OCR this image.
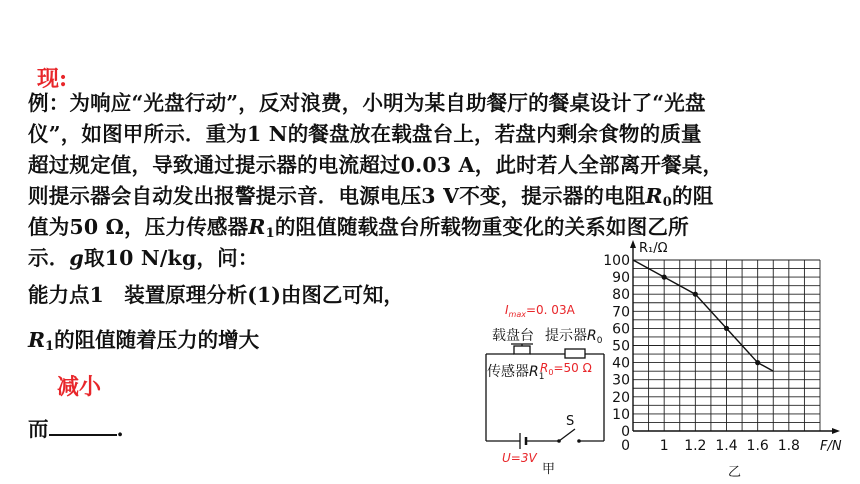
现:
例：为响应“光盘行动”，反对浪费，小明为某自助餐厅的餐桌设计了“光盘
仪”，如图甲所示．重为1 N的餐盘放在载盘台上，若盘内剩余食物的质量
超过规定值，导致通过提示器的电流超过0.03 A，此时若人全部离开餐桌，
则提示器会自动发出报警提示音．电源电压3 V不变，提示器的电阻$R_0$的阻
值为50 Ω，压力传感器$R_1$的阻值随载盘台所载物重变化的关系如图乙所
示．g取10 N/kg，问：
能力点1　装置原理分析(1)由图乙可知，
$R_1$的阻值随着压力的增大
减小
而	.
$I_{max}=0$. 03A
载盘台 提示器$R_0$
传感器$R_1$
$R_0=50$ Ω
S
U=3V
甲
0
10
20
30
40
50
60
70
80
90
100
1 1.2 1.4 1.6 1.8
0
R₁/Ω
F/N
乙
